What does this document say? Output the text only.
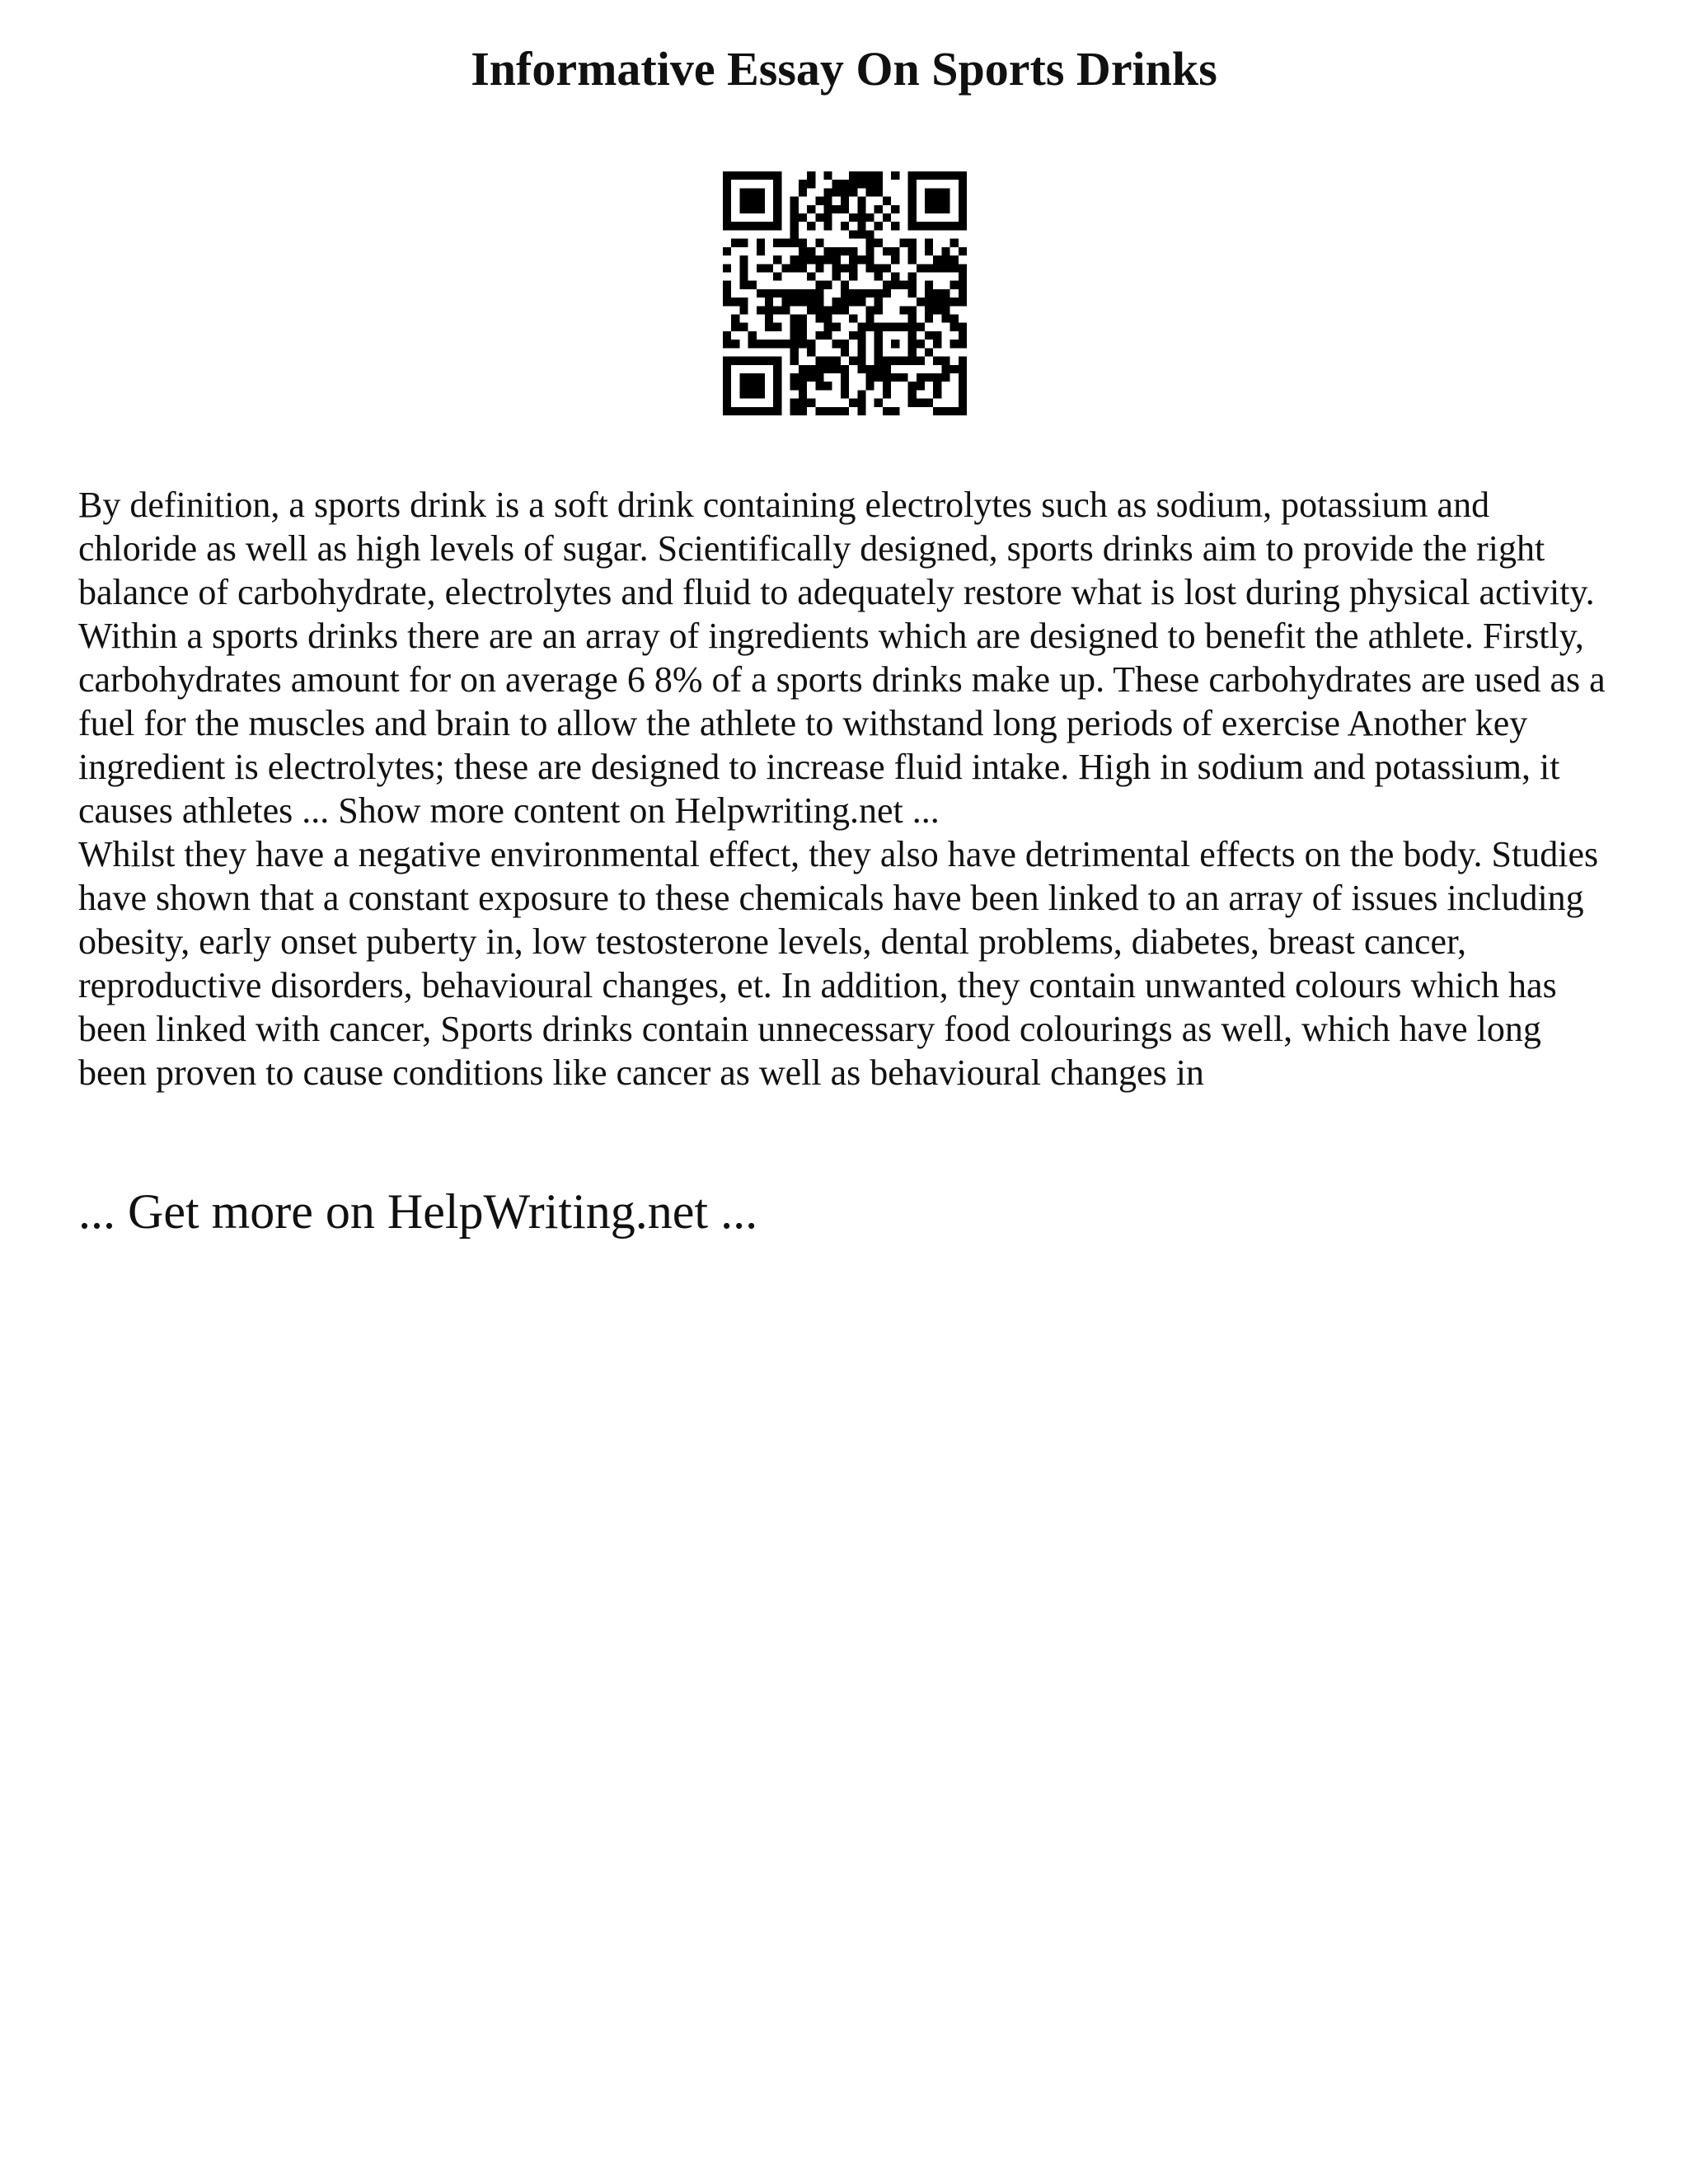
Informative Essay On Sports Drinks

By definition, a sports drink is a soft drink containing electrolytes such as sodium, potassium and chloride as well as high levels of sugar. Scientifically designed, sports drinks aim to provide the right balance of carbohydrate, electrolytes and fluid to adequately restore what is lost during physical activity.

Within a sports drinks there are an array of ingredients which are designed to benefit the athlete. Firstly, carbohydrates amount for on average 6 8% of a sports drinks make up. These carbohydrates are used as a fuel for the muscles and brain to allow the athlete to withstand long periods of exercise Another key ingredient is electrolytes; these are designed to increase fluid intake. High in sodium and potassium, it causes athletes ... Show more content on Helpwriting.net ...

Whilst they have a negative environmental effect, they also have detrimental effects on the body. Studies have shown that a constant exposure to these chemicals have been linked to an array of issues including obesity, early onset puberty in, low testosterone levels, dental problems, diabetes, breast cancer, reproductive disorders, behavioural changes, et. In addition, they contain unwanted colours which has been linked with cancer, Sports drinks contain unnecessary food colourings as well, which have long been proven to cause conditions like cancer as well as behavioural changes in

... Get more on HelpWriting.net ...
